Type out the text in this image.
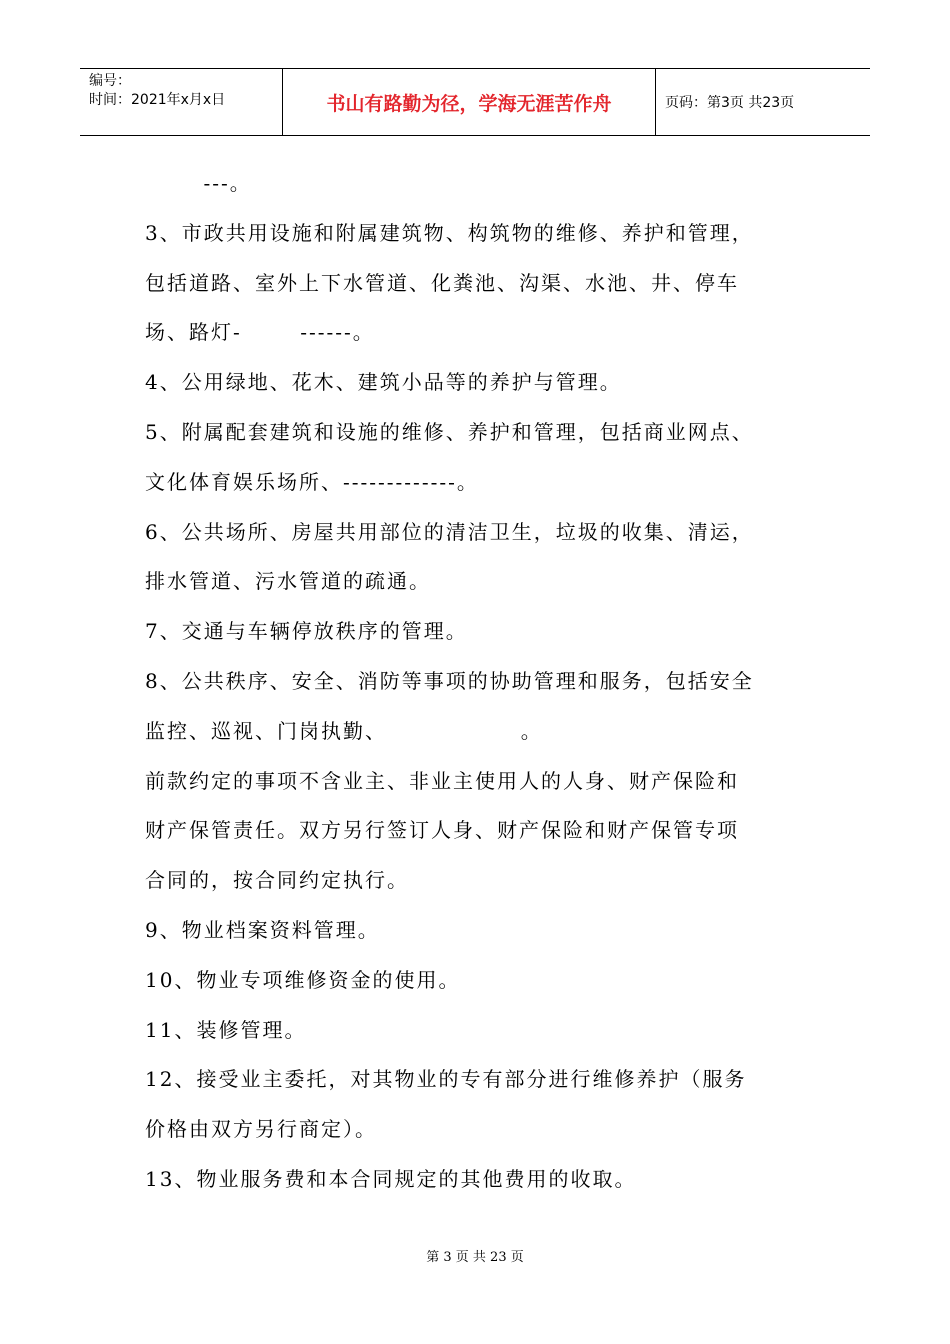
编号：
时间：2021年x月x日	书山有路勤为径，学海无涯苦作舟	页码：第3页 共23页
---。
3、市政共用设施和附属建筑物、构筑物的维修、养护和管理，
包括道路、室外上下水管道、化粪池、沟渠、水池、井、停车
场、路灯-       ------。
4、公用绿地、花木、建筑小品等的养护与管理。
5、附属配套建筑和设施的维修、养护和管理，包括商业网点、
文化体育娱乐场所、-------------。
6、公共场所、房屋共用部位的清洁卫生，垃圾的收集、清运，
排水管道、污水管道的疏通。
7、交通与车辆停放秩序的管理。
8、公共秩序、安全、消防等事项的协助管理和服务，包括安全
监控、巡视、门岗执勤、                。
前款约定的事项不含业主、非业主使用人的人身、财产保险和
财产保管责任。双方另行签订人身、财产保险和财产保管专项
合同的，按合同约定执行。
9、物业档案资料管理。
10、物业专项维修资金的使用。
11、装修管理。
12、接受业主委托，对其物业的专有部分进行维修养护（服务
价格由双方另行商定）。
13、物业服务费和本合同规定的其他费用的收取。
第 3 页 共 23 页
